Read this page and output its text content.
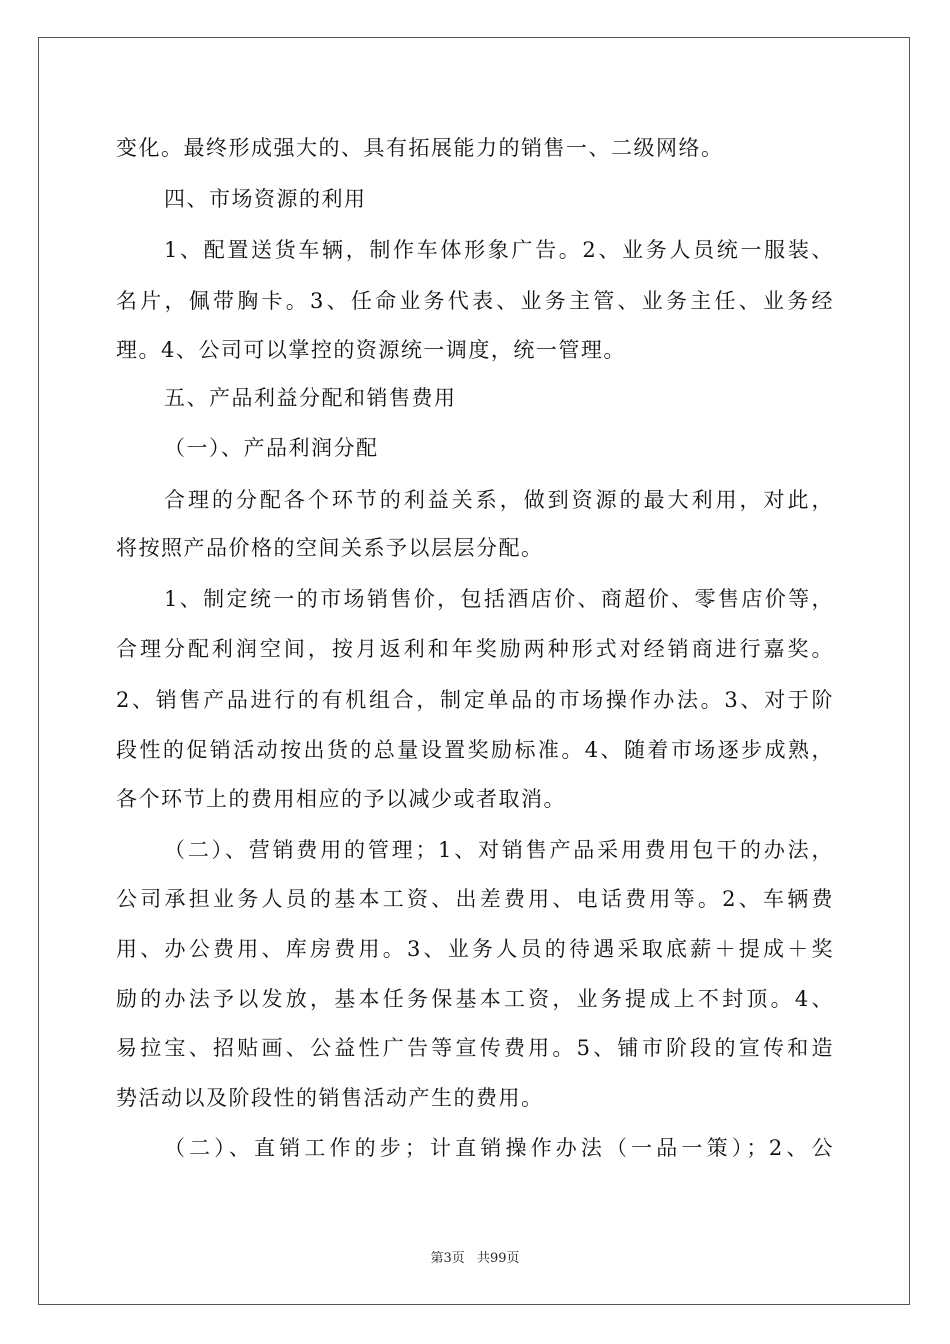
变化。最终形成强大的、具有拓展能力的销售一、二级网络。
四、市场资源的利用
1、配置送货车辆，制作车体形象广告。2、业务人员统一服装、
名片，佩带胸卡。3、任命业务代表、业务主管、业务主任、业务经
理。4、公司可以掌控的资源统一调度，统一管理。
五、产品利益分配和销售费用
（一）、产品利润分配
合理的分配各个环节的利益关系，做到资源的最大利用，对此，
将按照产品价格的空间关系予以层层分配。
1、制定统一的市场销售价，包括酒店价、商超价、零售店价等，
合理分配利润空间，按月返利和年奖励两种形式对经销商进行嘉奖。
2、销售产品进行的有机组合，制定单品的市场操作办法。3、对于阶
段性的促销活动按出货的总量设置奖励标准。4、随着市场逐步成熟，
各个环节上的费用相应的予以减少或者取消。
（二）、营销费用的管理；1、对销售产品采用费用包干的办法，
公司承担业务人员的基本工资、出差费用、电话费用等。2、车辆费
用、办公费用、库房费用。3、业务人员的待遇采取底薪＋提成＋奖
励的办法予以发放，基本任务保基本工资，业务提成上不封顶。4、
易拉宝、招贴画、公益性广告等宣传费用。5、铺市阶段的宣传和造
势活动以及阶段性的销售活动产生的费用。
（二）、直销工作的步；计直销操作办法（一品一策）；2、公
第3页 共99页
